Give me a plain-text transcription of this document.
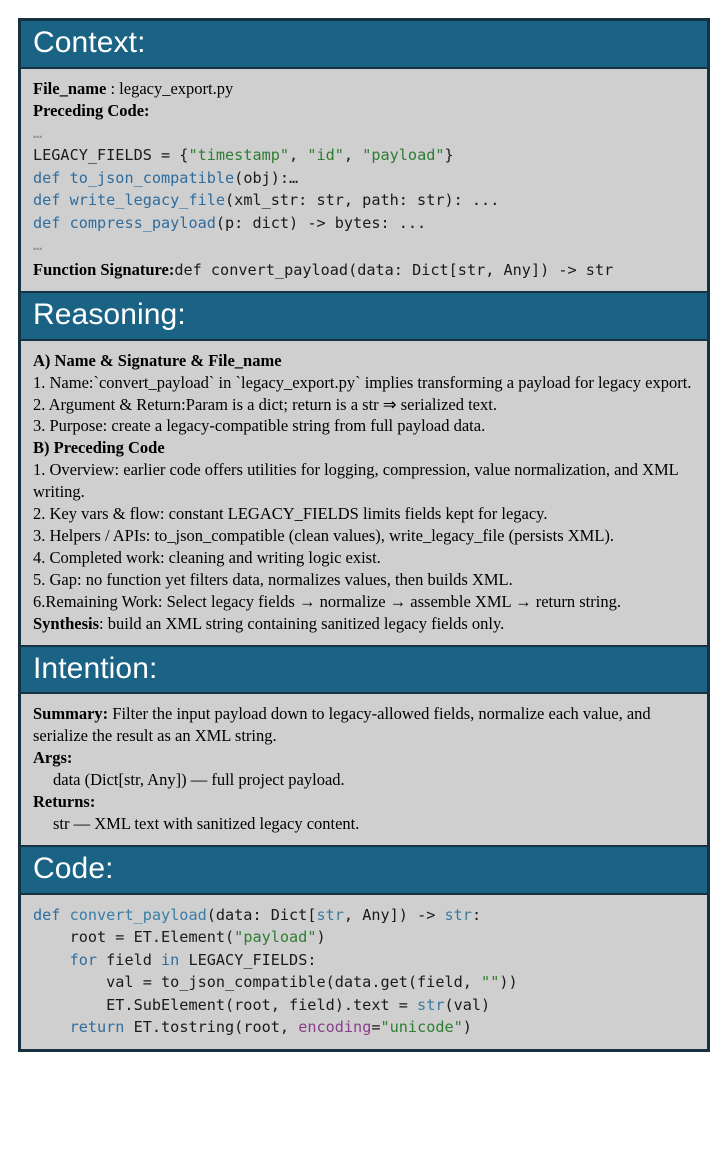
Context:
File_name : legacy_export.py
Preceding Code:
…
LEGACY_FIELDS = {"timestamp", "id", "payload"}
def to_json_compatible(obj):…
def write_legacy_file(xml_str: str, path: str): ...
def compress_payload(p: dict) -> bytes: ...
…
Function Signature:def convert_payload(data: Dict[str, Any]) -> str
Reasoning:
A) Name & Signature & File_name
1. Name:`convert_payload` in `legacy_export.py` implies transforming a payload for legacy export.
2. Argument & Return:Param is a dict; return is a str ⇒ serialized text.
3. Purpose: create a legacy-compatible string from full payload data.
B) Preceding Code
1. Overview: earlier code offers utilities for logging, compression, value normalization, and XML writing.
2. Key vars & flow: constant LEGACY_FIELDS limits fields kept for legacy.
3. Helpers / APIs: to_json_compatible (clean values), write_legacy_file (persists XML).
4. Completed work: cleaning and writing logic exist.
5. Gap: no function yet filters data, normalizes values, then builds XML.
6.Remaining Work: Select legacy fields → normalize → assemble XML → return string.
Synthesis: build an XML string containing sanitized legacy fields only.
Intention:
Summary: Filter the input payload down to legacy-allowed fields, normalize each value, and serialize the result as an XML string.
Args:
data (Dict[str, Any]) — full project payload.
Returns:
str — XML text with sanitized legacy content.
Code:
def convert_payload(data: Dict[str, Any]) -> str:
root = ET.Element("payload")
for field in LEGACY_FIELDS:
val = to_json_compatible(data.get(field, ""))
ET.SubElement(root, field).text = str(val)
return ET.tostring(root, encoding="unicode")
